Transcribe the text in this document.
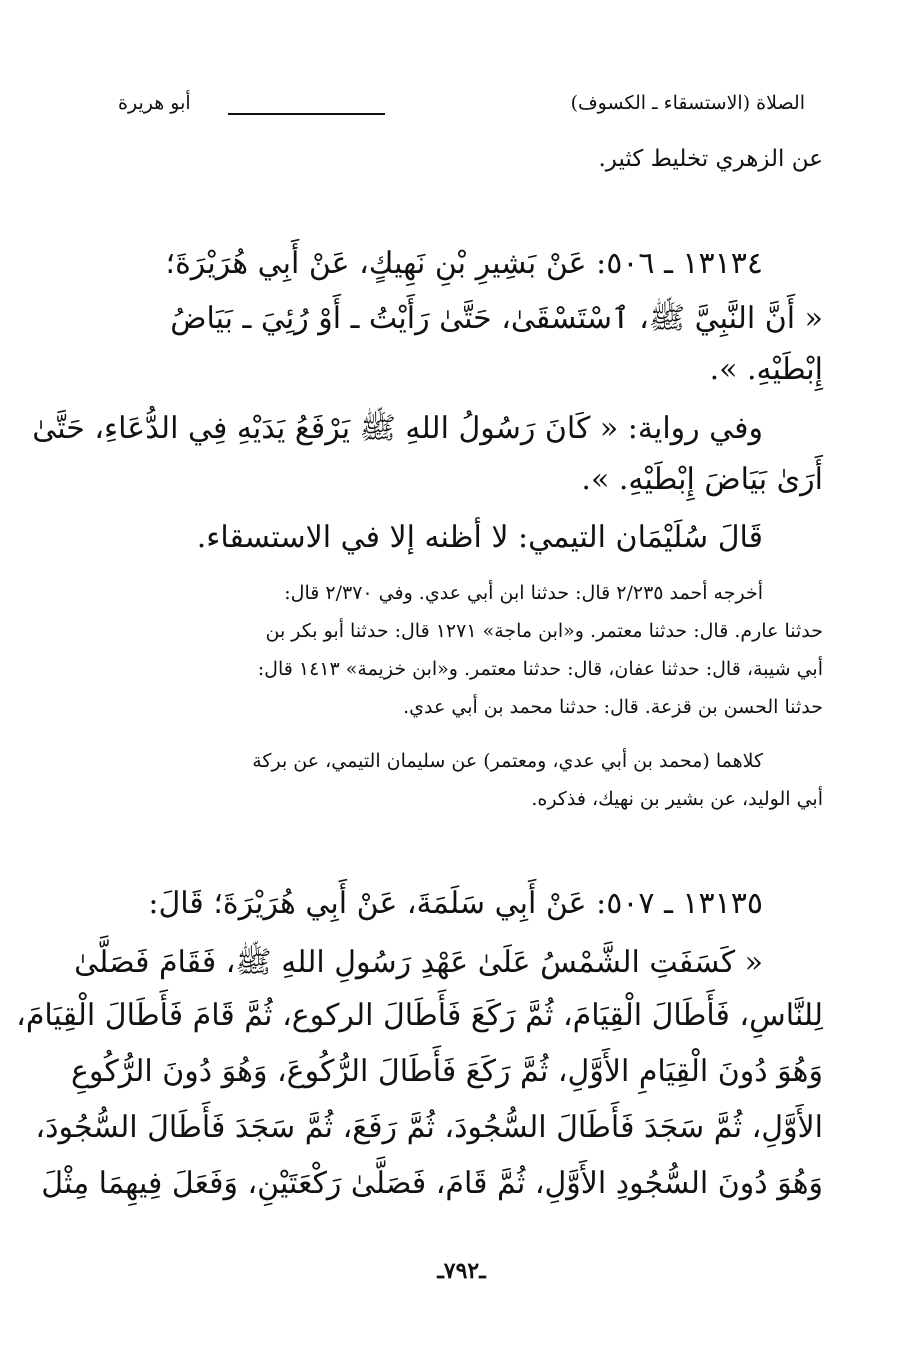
الصلاة (الاستسقاء ـ الكسوف)
أبو هريرة
عن الزهري تخليط كثير.
١٣١٣٤ ـ ٥٠٦: عَنْ بَشِيرِ بْنِ نَهِيكٍ، عَنْ أَبِي هُرَيْرَةَ؛
« أَنَّ النَّبِيَّ ﷺ، ٱسْتَسْقَىٰ، حَتَّىٰ رَأَيْتُ ـ أَوْ رُئِيَ ـ بَيَاضُ
إِبْطَيْهِ. ».
وفي رواية: « كَانَ رَسُولُ اللهِ ﷺ يَرْفَعُ يَدَيْهِ فِي الدُّعَاءِ، حَتَّىٰ
أَرَىٰ بَيَاضَ إِبْطَيْهِ. ».
قَالَ سُلَيْمَان التيمي: لا أظنه إلا في الاستسقاء.
أخرجه أحمد ٢/٢٣٥ قال: حدثنا ابن أبي عدي. وفي ٢/٣٧٠ قال:
حدثنا عارم. قال: حدثنا معتمر. و«ابن ماجة» ١٢٧١ قال: حدثنا أبو بكر بن
أبي شيبة، قال: حدثنا عفان، قال: حدثنا معتمر. و«ابن خزيمة» ١٤١٣ قال:
حدثنا الحسن بن قزعة. قال: حدثنا محمد بن أبي عدي.
كلاهما (محمد بن أبي عدي، ومعتمر) عن سليمان التيمي، عن بركة
أبي الوليد، عن بشير بن نهيك، فذكره.
١٣١٣٥ ـ ٥٠٧: عَنْ أَبِي سَلَمَةَ، عَنْ أَبِي هُرَيْرَةَ؛ قَالَ:
« كَسَفَتِ الشَّمْسُ عَلَىٰ عَهْدِ رَسُولِ اللهِ ﷺ، فَقَامَ فَصَلَّىٰ
لِلنَّاسِ، فَأَطَالَ الْقِيَامَ، ثُمَّ رَكَعَ فَأَطَالَ الركوع، ثُمَّ قَامَ فَأَطَالَ الْقِيَامَ،
وَهُوَ دُونَ الْقِيَامِ الأَوَّلِ، ثُمَّ رَكَعَ فَأَطَالَ الرُّكُوعَ، وَهُوَ دُونَ الرُّكُوعِ
الأَوَّلِ، ثُمَّ سَجَدَ فَأَطَالَ السُّجُودَ، ثُمَّ رَفَعَ، ثُمَّ سَجَدَ فَأَطَالَ السُّجُودَ،
وَهُوَ دُونَ السُّجُودِ الأَوَّلِ، ثُمَّ قَامَ، فَصَلَّىٰ رَكْعَتَيْنِ، وَفَعَلَ فِيهِمَا مِثْلَ
ـ٧٩٢ـ
